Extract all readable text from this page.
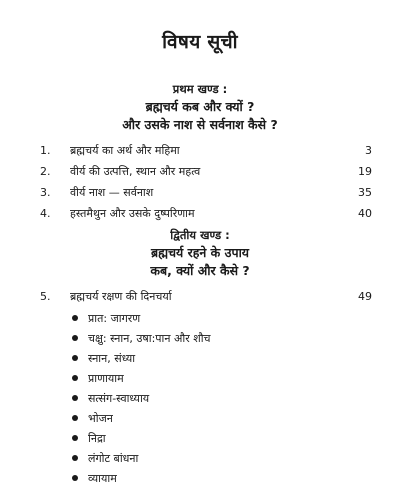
विषय सूची
प्रथम खण्ड :
ब्रह्मचर्य कब और क्यों ?
और उसके नाश से सर्वनाश कैसे ?
1.	ब्रह्मचर्य का अर्थ और महिमा	3
2.	वीर्य की उत्पत्ति, स्थान और महत्व	19
3.	वीर्य नाश — सर्वनाश	35
4.	हस्तमैथुन और उसके दुष्परिणाम	40
द्वितीय खण्ड :
ब्रह्मचर्य रहने के उपाय
कब, क्यों और कैसे ?
5.	ब्रह्मचर्य रक्षण की दिनचर्या	49
प्रात: जागरण
चक्षु: स्नान, उषा:पान और शौच
स्नान, संध्या
प्राणायाम
सत्संग-स्वाध्याय
भोजन
निद्रा
लंगोट बांधना
व्यायाम
